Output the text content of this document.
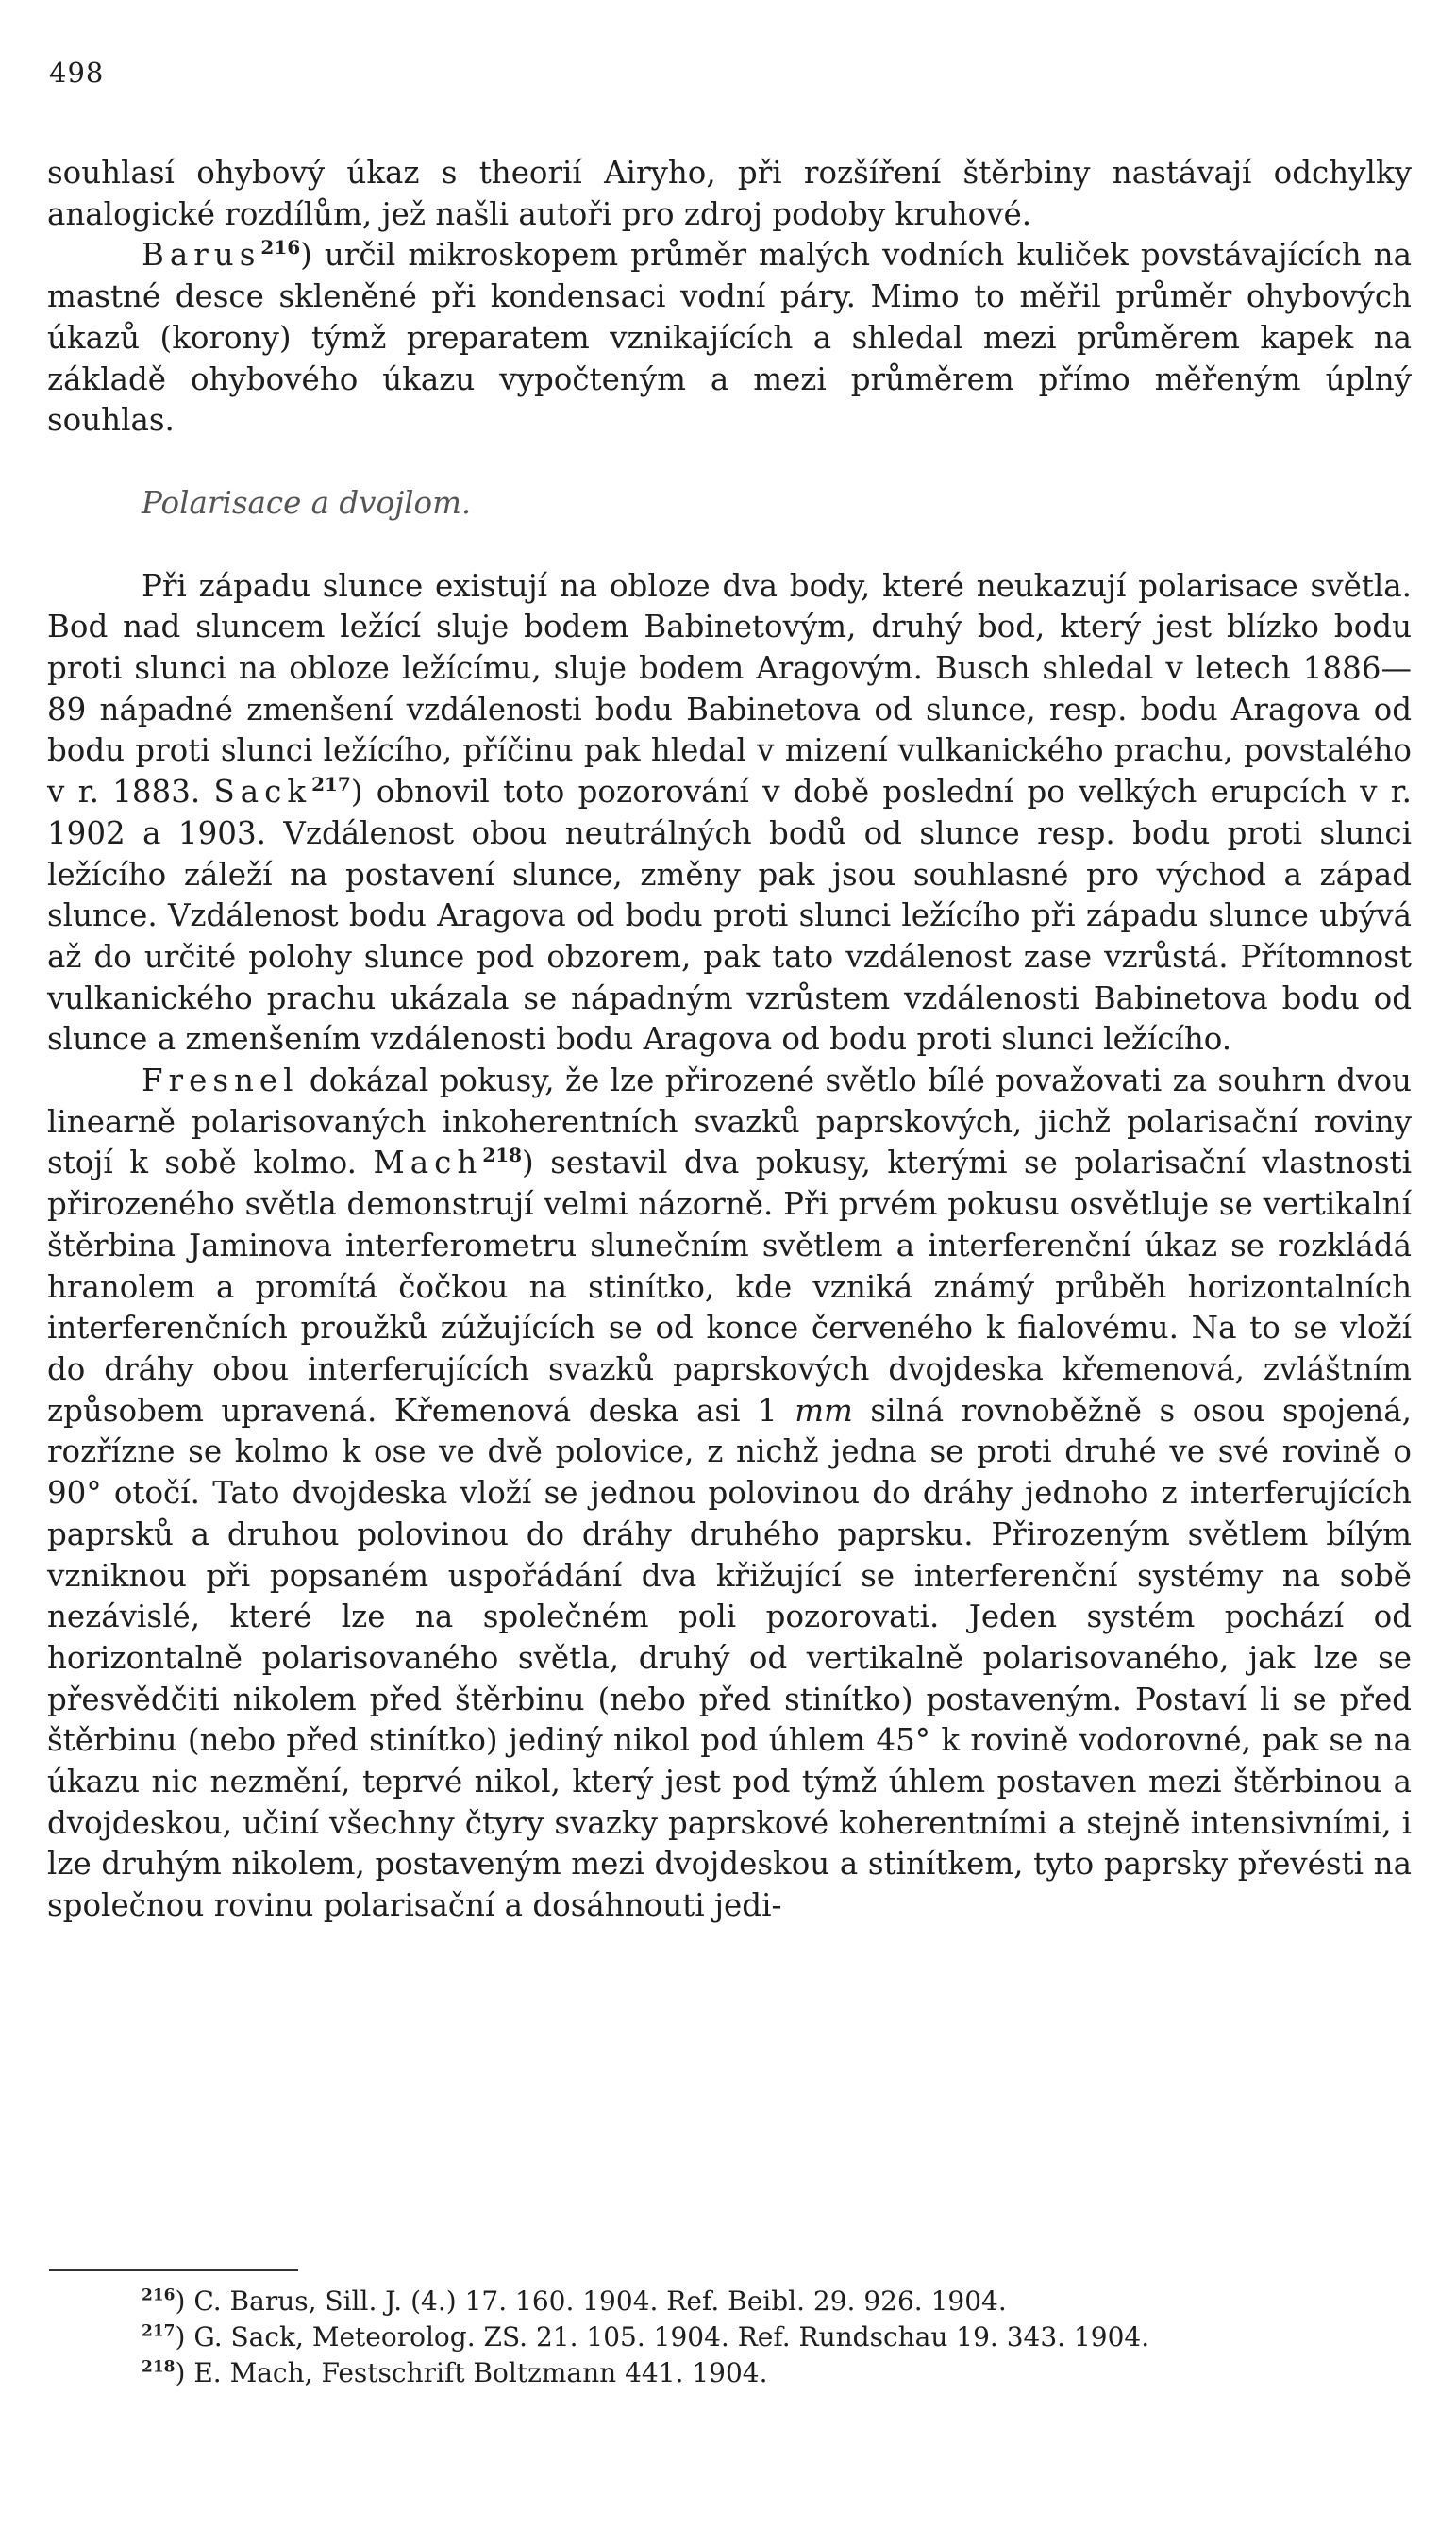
498

souhlasí ohybový úkaz s theorií Airyho, při rozšíření štěrbiny nastávají odchylky analogické rozdílům, jež našli autoři pro zdroj podoby kruhové.

Barus$^{216}$) určil mikroskopem průměr malých vodních kuliček povstávajících na mastné desce skleněné při kondensaci vodní páry. Mimo to měřil průměr ohybových úkazů (korony) týmž preparatem vznikajících a shledal mezi průměrem kapek na základě ohybového úkazu vypočteným a mezi průměrem přímo měřeným úplný souhlas.

Polarisace a dvojlom.

Při západu slunce existují na obloze dva body, které neukazují polarisace světla. Bod nad sluncem ležící sluje bodem Babinetovým, druhý bod, který jest blízko bodu proti slunci na obloze ležícímu, sluje bodem Aragovým. Busch shledal v letech 1886—89 nápadné zmenšení vzdálenosti bodu Babinetova od slunce, resp. bodu Aragova od bodu proti slunci ležícího, příčinu pak hledal v mizení vulkanického prachu, povstalého v r. 1883. Sack$^{217}$) obnovil toto pozorování v době poslední po velkých erupcích v r. 1902 a 1903. Vzdálenost obou neutrálných bodů od slunce resp. bodu proti slunci ležícího záleží na postavení slunce, změny pak jsou souhlasné pro východ a západ slunce. Vzdálenost bodu Aragova od bodu proti slunci ležícího při západu slunce ubývá až do určité polohy slunce pod obzorem, pak tato vzdálenost zase vzrůstá. Přítomnost vulkanického prachu ukázala se nápadným vzrůstem vzdálenosti Babinetova bodu od slunce a zmenšením vzdálenosti bodu Aragova od bodu proti slunci ležícího.

Fresnel dokázal pokusy, že lze přirozené světlo bílé považovati za souhrn dvou linearně polarisovaných inkoherentních svazků paprskových, jichž polarisační roviny stojí k sobě kolmo. Mach$^{218}$) sestavil dva pokusy, kterými se polarisační vlastnosti přirozeného světla demonstrují velmi názorně. Při prvém pokusu osvětluje se vertikalní štěrbina Jaminova interferometru slunečním světlem a interferenční úkaz se rozkládá hranolem a promítá čočkou na stinítko, kde vzniká známý průběh horizontalních interferenčních proužků zúžujících se od konce červeného k fialovému. Na to se vloží do dráhy obou interferujících svazků paprskových dvojdeska křemenová, zvláštním způsobem upravená. Křemenová deska asi 1 mm silná rovnoběžně s osou spojená, rozříznе se kolmo k ose ve dvě polovice, z nichž jedna se proti druhé ve své rovině o 90° otočí. Tato dvojdeska vloží se jednou polovinou do dráhy jednoho z interferujících paprsků a druhou polovinou do dráhy druhého paprsku. Přirozeným světlem bílým vzniknou při popsaném uspořádání dva křižující se interferenční systémy na sobě nezávislé, které lze na společném poli pozorovati. Jeden systém pochází od horizontalně polarisovaného světla, druhý od vertikalně polarisovaného, jak lze se přesvědčiti nikolem před štěrbinu (nebo před stinítko) postaveným. Postaví li se před štěrbinu (nebo před stinítko) jediný nikol pod úhlem 45° k rovině vodorovné, pak se na úkazu nic nezmění, teprvé nikol, který jest pod týmž úhlem postaven mezi štěrbinou a dvojdeskou, učiní všechny čtyry svazky paprskové koherentními a stejně intensivními, i lze druhým nikolem, postaveným mezi dvojdeskou a stinítkem, tyto paprsky převésti na společnou rovinu polarisační a dosáhnouti jedi-

$^{216}$) C. Barus, Sill. J. (4.) 17. 160. 1904. Ref. Beibl. 29. 926. 1904.
$^{217}$) G. Sack, Meteorolog. ZS. 21. 105. 1904. Ref. Rundschau 19. 343. 1904.
$^{218}$) E. Mach, Festschrift Boltzmann 441. 1904.
